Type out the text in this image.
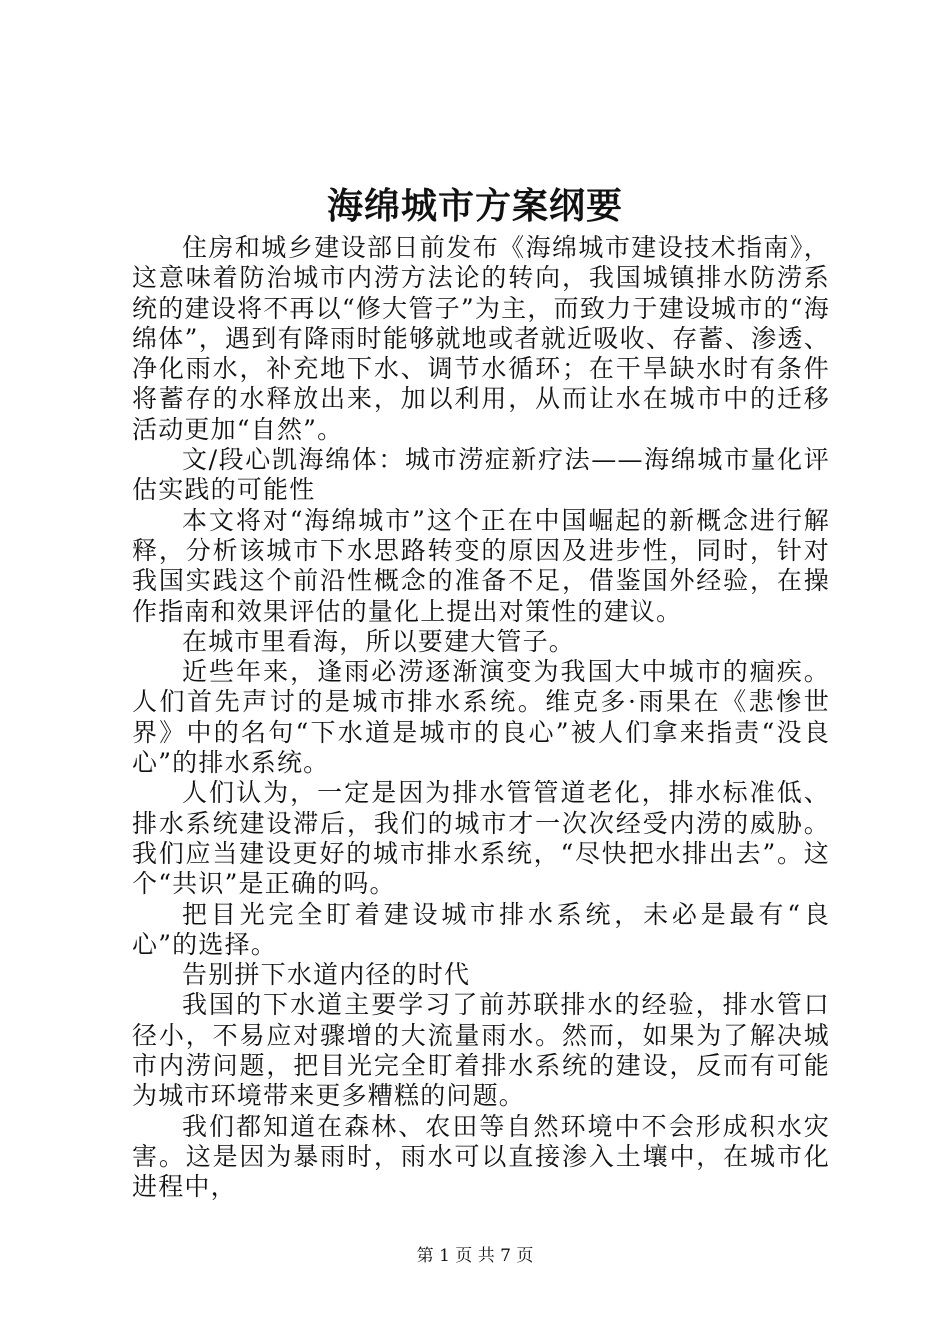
海绵城市方案纲要

住房和城乡建设部日前发布《海绵城市建设技术指南》，这意味着防治城市内涝方法论的转向，我国城镇排水防涝系统的建设将不再以“修大管子”为主，而致力于建设城市的“海绵体”，遇到有降雨时能够就地或者就近吸收、存蓄、渗透、净化雨水，补充地下水、调节水循环；在干旱缺水时有条件将蓄存的水释放出来，加以利用，从而让水在城市中的迁移活动更加“自然”。

文/段心凯海绵体：城市涝症新疗法——海绵城市量化评估实践的可能性

本文将对“海绵城市”这个正在中国崛起的新概念进行解释，分析该城市下水思路转变的原因及进步性，同时，针对我国实践这个前沿性概念的准备不足，借鉴国外经验，在操作指南和效果评估的量化上提出对策性的建议。

在城市里看海，所以要建大管子。

近些年来，逢雨必涝逐渐演变为我国大中城市的痼疾。人们首先声讨的是城市排水系统。维克多·雨果在《悲惨世界》中的名句“下水道是城市的良心”被人们拿来指责“没良心”的排水系统。

人们认为，一定是因为排水管管道老化，排水标准低、排水系统建设滞后，我们的城市才一次次经受内涝的威胁。我们应当建设更好的城市排水系统，“尽快把水排出去”。这个“共识”是正确的吗。

把目光完全盯着建设城市排水系统，未必是最有“良心”的选择。

告别拼下水道内径的时代

我国的下水道主要学习了前苏联排水的经验，排水管口径小，不易应对骤增的大流量雨水。然而，如果为了解决城市内涝问题，把目光完全盯着排水系统的建设，反而有可能为城市环境带来更多糟糕的问题。

我们都知道在森林、农田等自然环境中不会形成积水灾害。这是因为暴雨时，雨水可以直接渗入土壤中，在城市化进程中，

第 1 页 共 7 页
